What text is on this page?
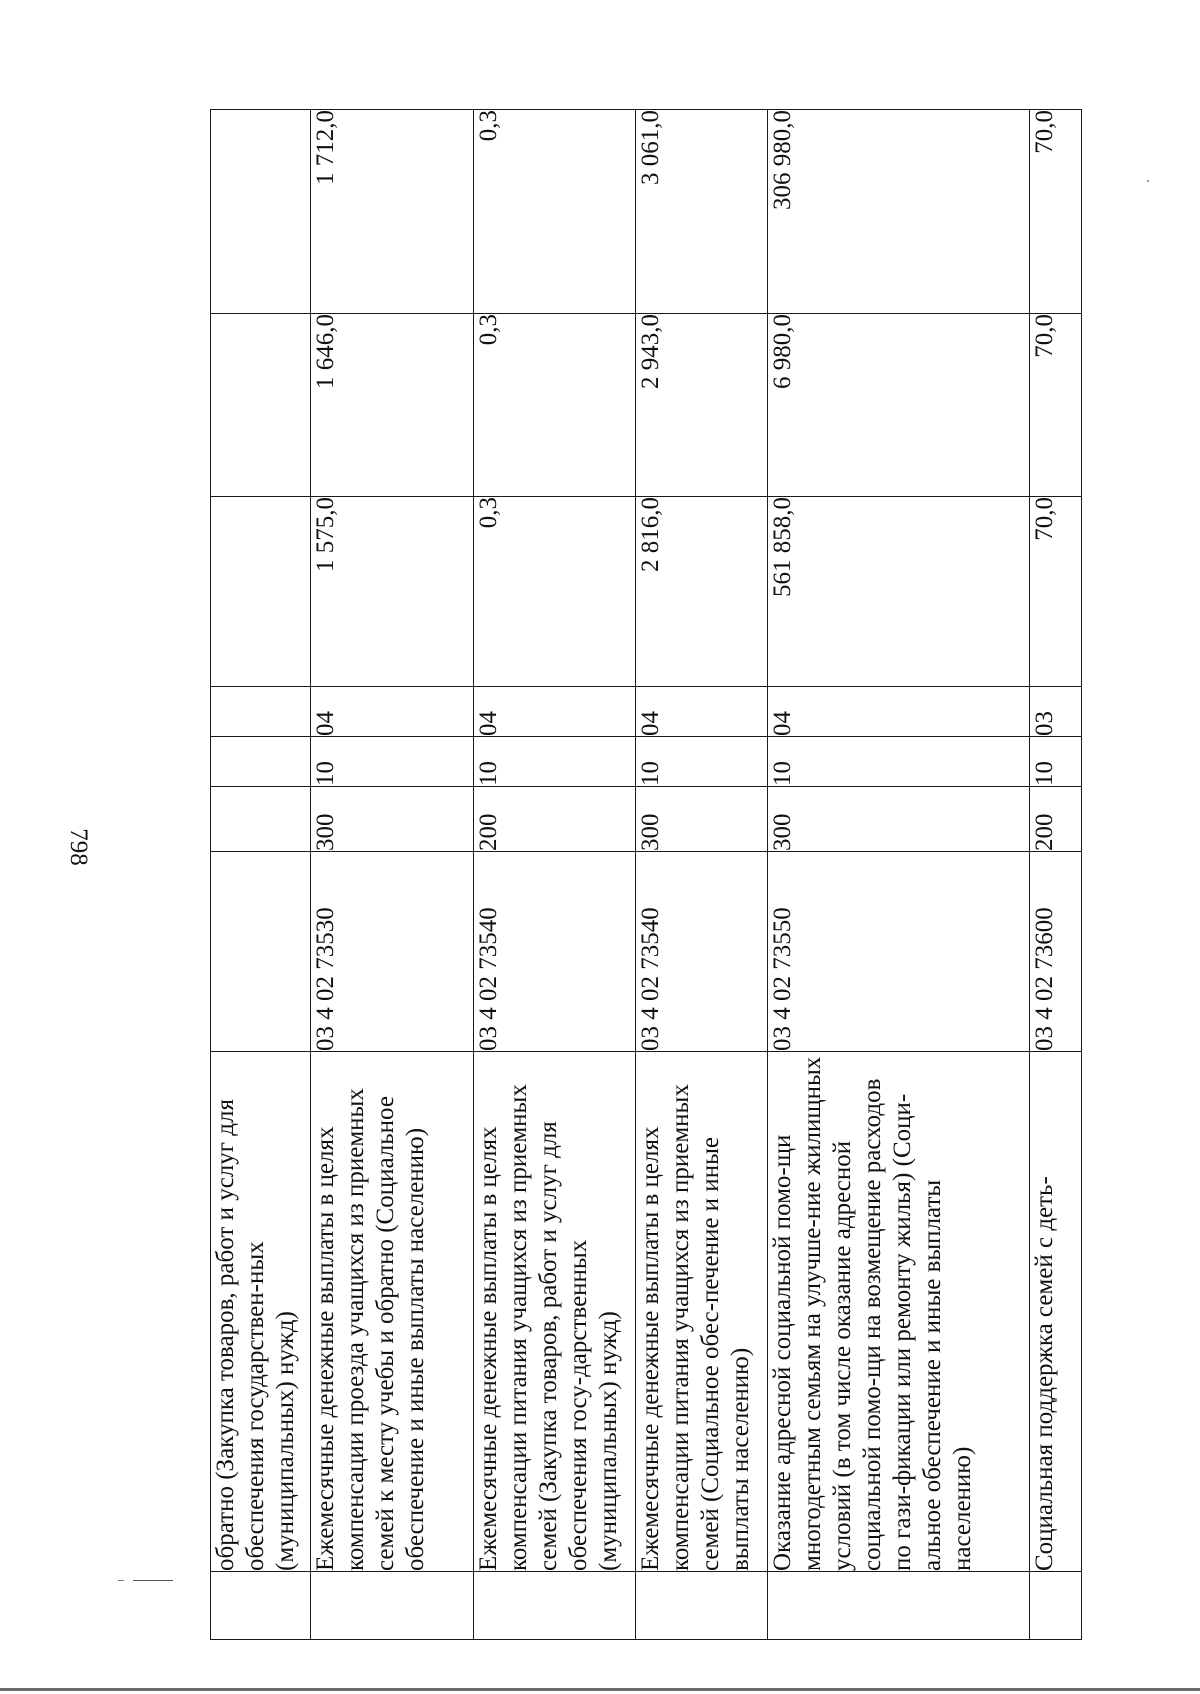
798
	обратно (Закупка товаров, работ и услуг для обеспечения государствен-ных (муниципальных) нужд)							
	Ежемесячные денежные выплаты в целях компенсации проезда учащихся из приемных семей к месту учебы и обратно (Социальное обеспечение и иные выплаты населению)	03 4 02 73530	300	10	04	1 575,0	1 646,0	1 712,0
	Ежемесячные денежные выплаты в целях компенсации питания учащихся из приемных семей (Закупка товаров, работ и услуг для обеспечения госу-дарственных (муниципальных) нужд)	03 4 02 73540	200	10	04	0,3	0,3	0,3
	Ежемесячные денежные выплаты в целях компенсации питания учащихся из приемных семей (Социальное обес-печение и иные выплаты населению)	03 4 02 73540	300	10	04	2 816,0	2 943,0	3 061,0
	Оказание адресной социальной помо-щи многодетным семьям на улучше-ние жилищных условий (в том числе оказание адресной социальной помо-щи на возмещение расходов по гази-фикации или ремонту жилья) (Соци-альное обеспечение и иные выплаты населению)	03 4 02 73550	300	10	04	561 858,0	6 980,0	306 980,0
	Социальная поддержка семей с деть-	03 4 02 73600	200	10	03	70,0	70,0	70,0
